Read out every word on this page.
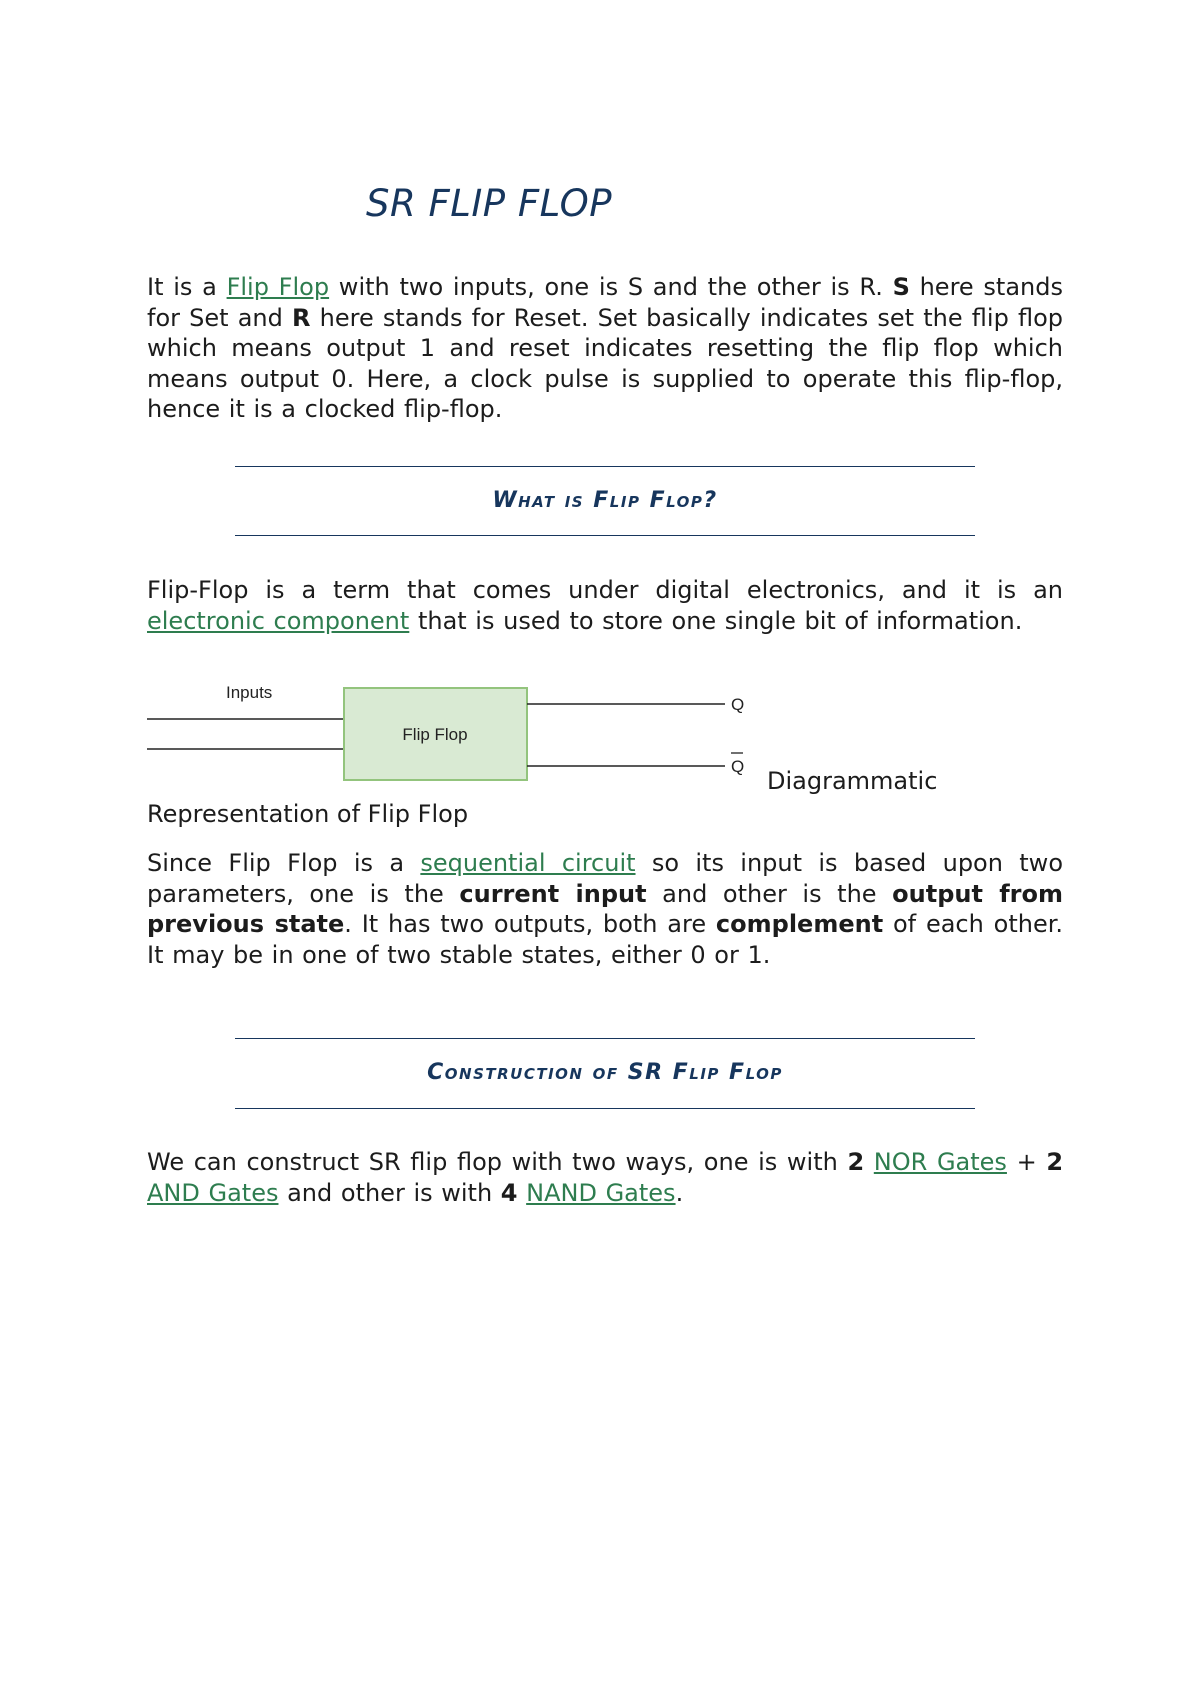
SR FLIP FLOP

It is a Flip Flop with two inputs, one is S and the other is R. S here stands for Set and R here stands for Reset. Set basically indicates set the flip flop which means output 1 and reset indicates resetting the flip flop which means output 0. Here, a clock pulse is supplied to operate this flip-flop, hence it is a clocked flip-flop.

What is Flip Flop?

Flip-Flop is a term that comes under digital electronics, and it is an electronic component that is used to store one single bit of information.

Inputs
Flip Flop
Q
Q
Diagrammatic
Representation of Flip Flop

Since Flip Flop is a sequential circuit so its input is based upon two parameters, one is the current input and other is the output from previous state. It has two outputs, both are complement of each other. It may be in one of two stable states, either 0 or 1.

Construction of SR Flip Flop

We can construct SR flip flop with two ways, one is with 2 NOR Gates + 2 AND Gates and other is with 4 NAND Gates.
